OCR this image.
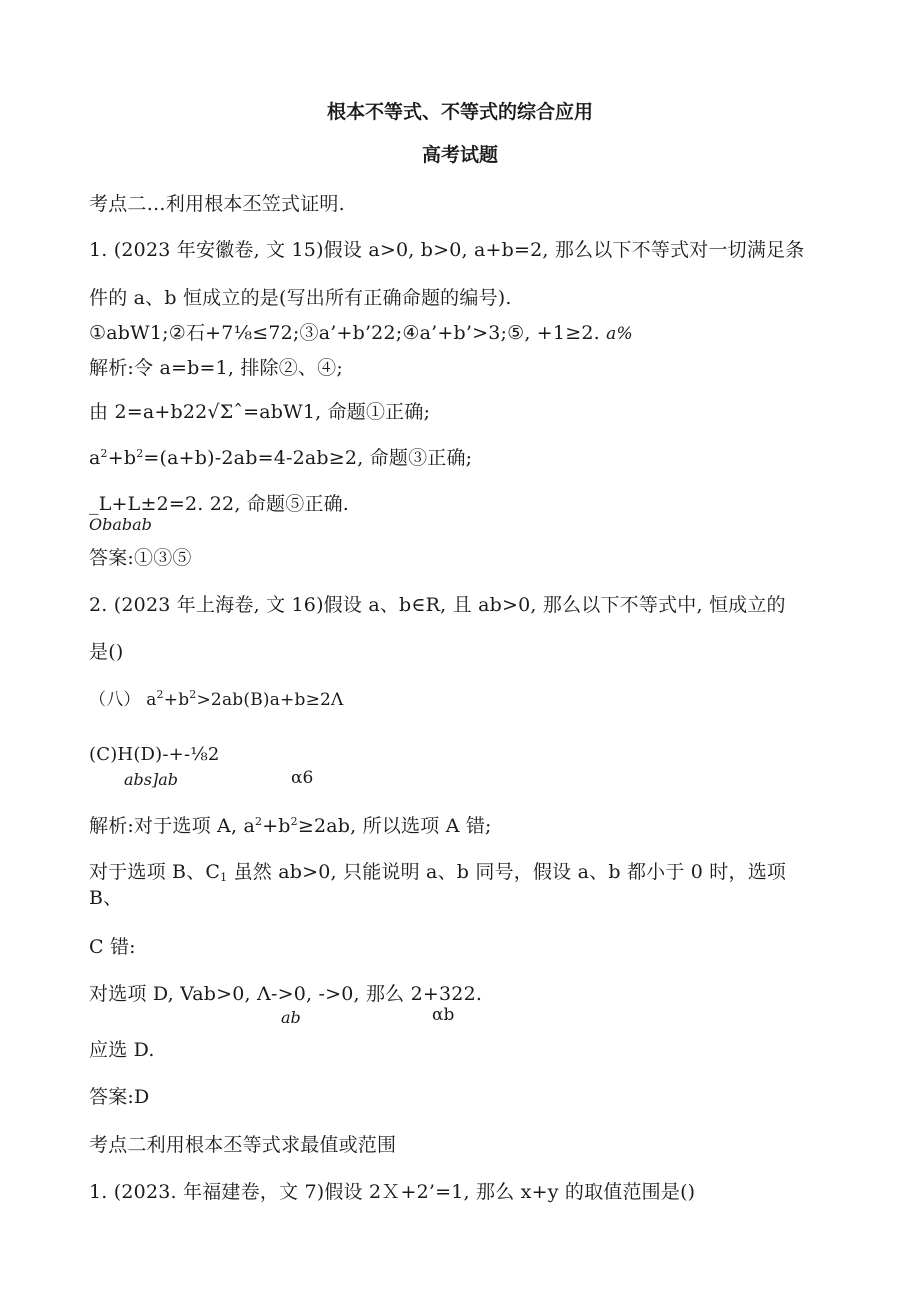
根本不等式、不等式的综合应用
高考试题
考点二…利用根本丕笠式证明.
1. (2023 年安徽卷, 文 15)假设 a>0, b>0, a+b=2, 那么以下不等式对一切满足条
件的 a、b 恒成立的是(写出所有正确命题的编号).
①abW1;②石+7⅛≤72;③a’+b’22;④a’+b’>3;⑤, +1≥2. a%
解析:令 a=b=1, 排除②、④;
由 2=a+b22√Σˆ=abW1, 命题①正确;
$a^2+b^2=(a+b)-2ab=4-2ab\ge 2$, 命题③正确;
_L+L±2=2. 22, 命题⑤正确.
Obabab
答案:①③⑤
2. (2023 年上海卷, 文 16)假设 a、b∈R, 且 ab>0, 那么以下不等式中, 恒成立的
是()
（八） $a^2+b^2>2ab(B)a+b\ge 2\Lambda$
(C)H(D)-+-⅛2
abs]ab	α6
解析:对于选项 A, $a^2+b^2\ge 2ab$, 所以选项 A 错;
对于选项 B、$C_1$ 虽然 ab>0, 只能说明 a、b 同号，假设 a、b 都小于 0 时，选项
B、
C 错:
对选项 D, Vab>0, Λ->0, ->0, 那么 2+322.
ab	αb
应选 D.
答案:D
考点二利用根本丕等式求最值或范围
1. (2023. 年福建卷，文 7)假设 2Ｘ+2’=1, 那么 x+y 的取值范围是()
